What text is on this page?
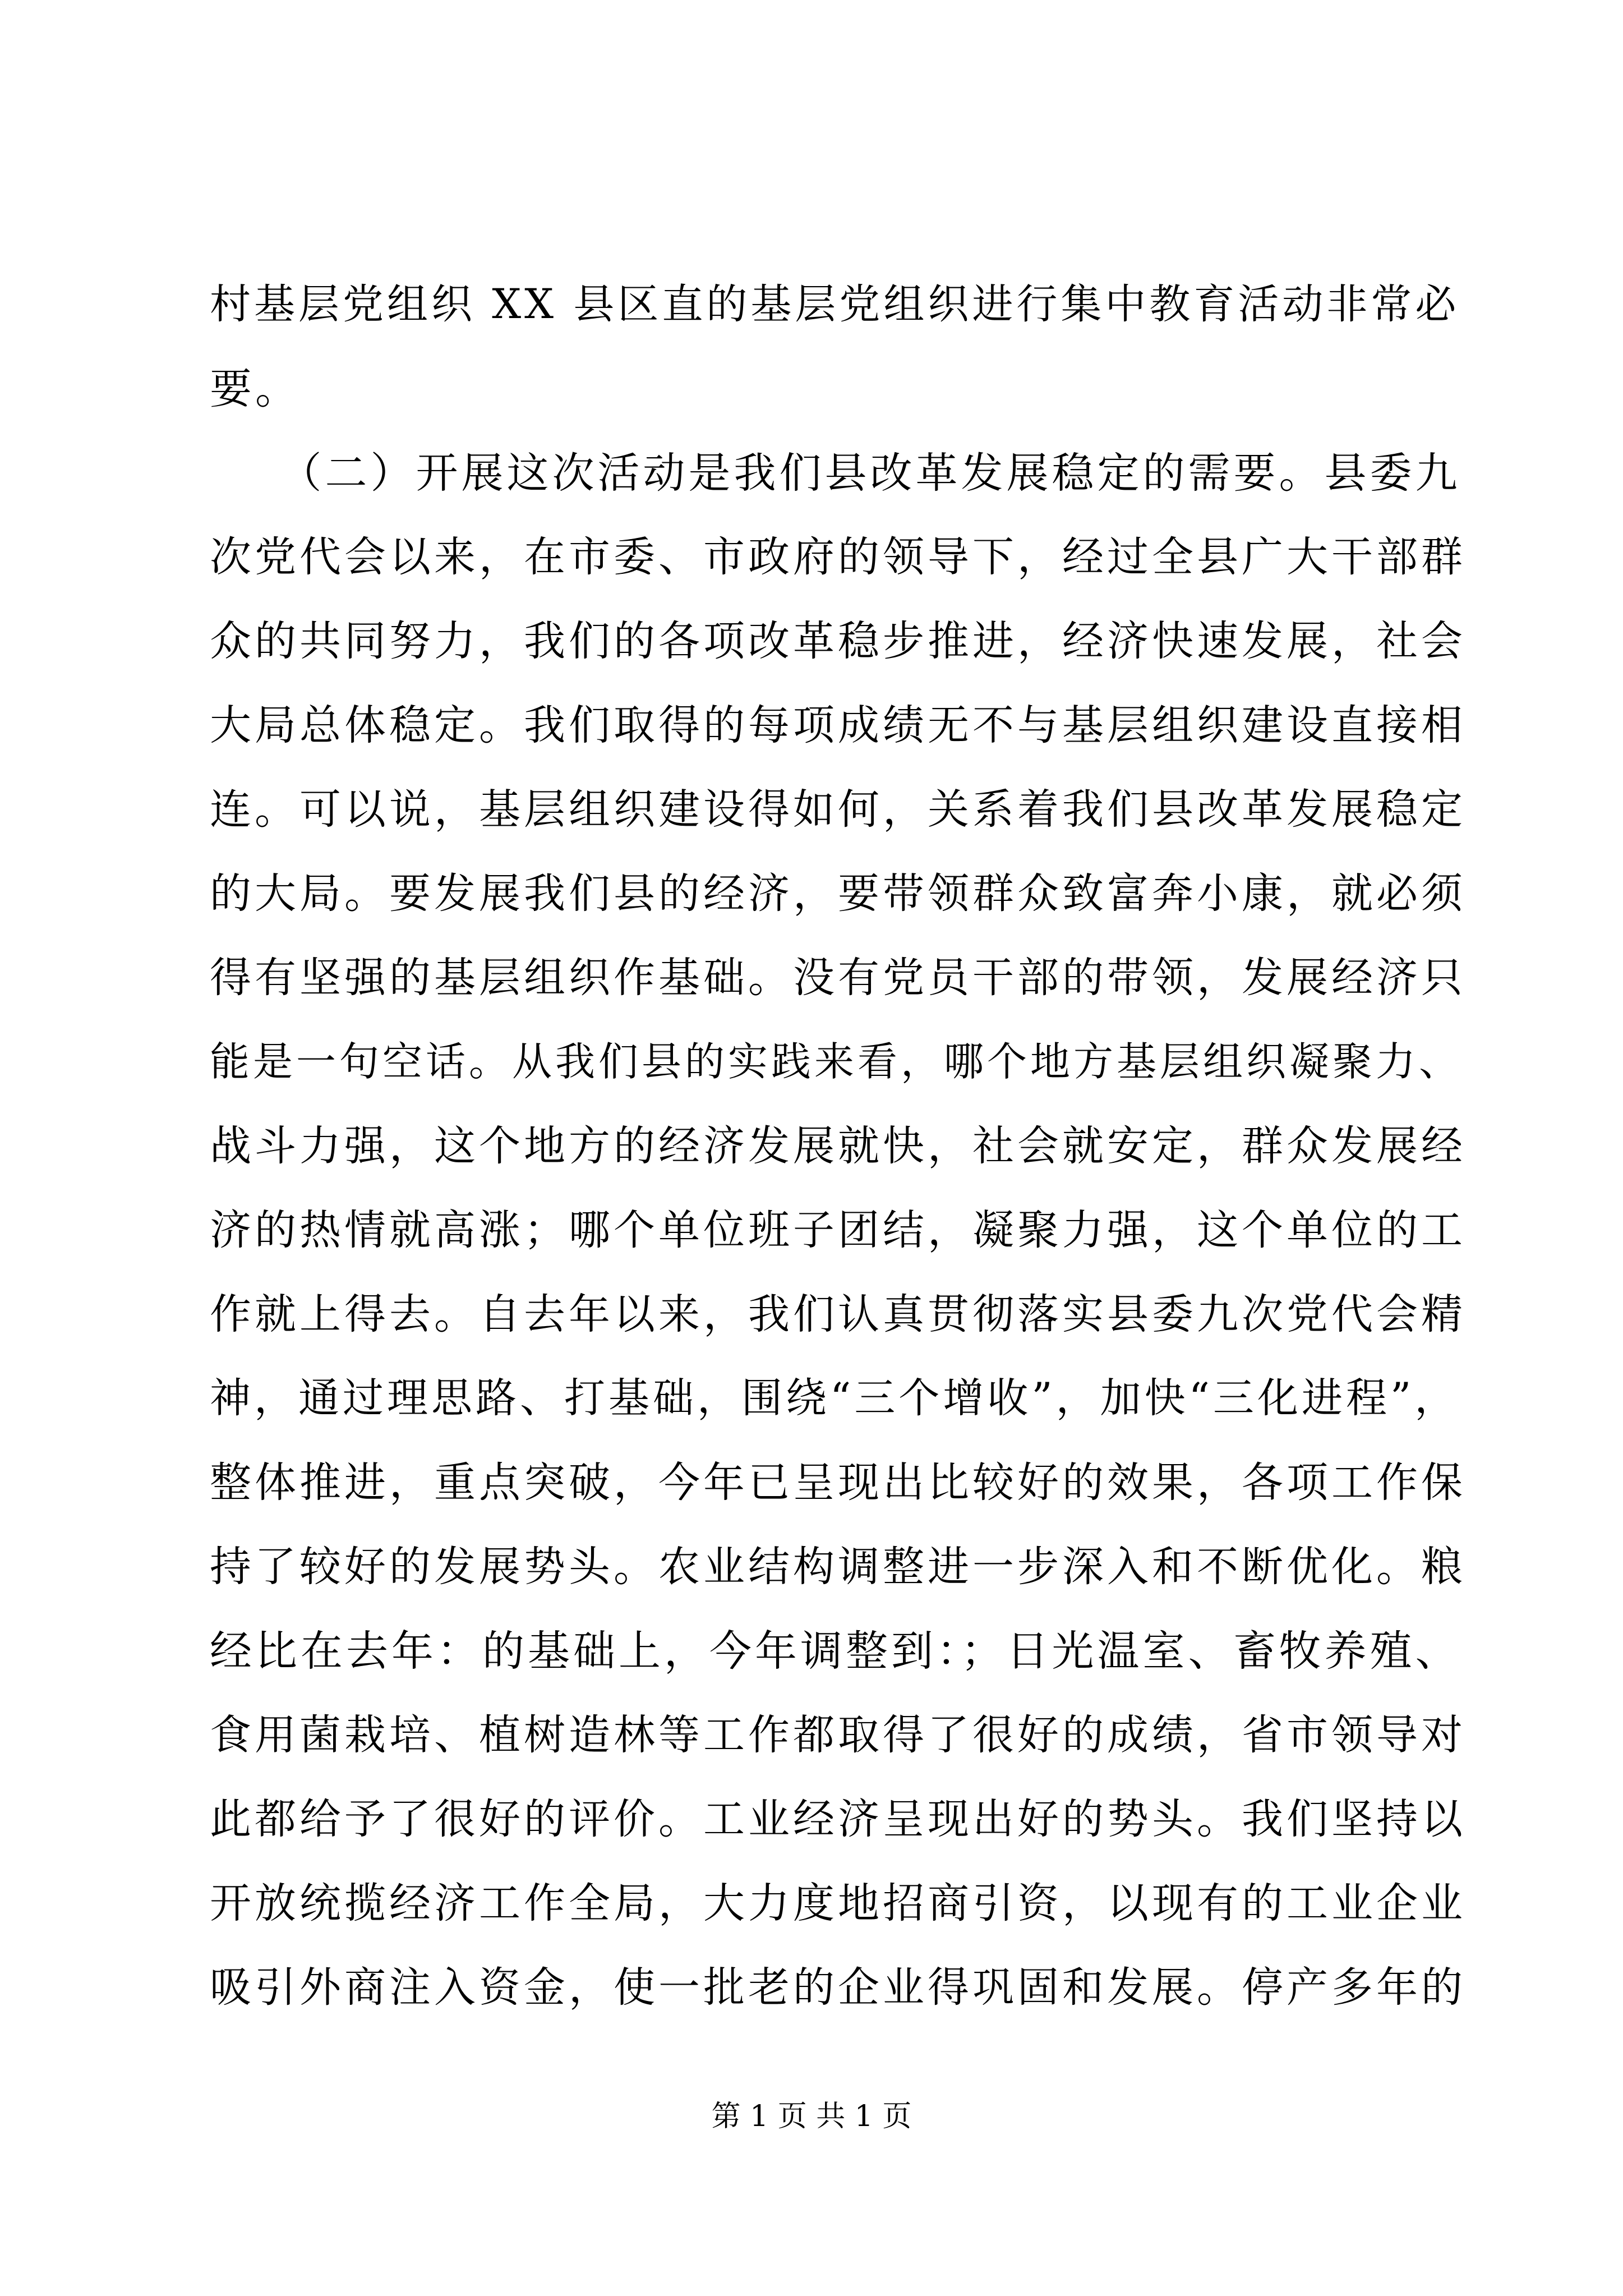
村基层党组织 XX 县区直的基层党组织进行集中教育活动非常必
要。
　　（二）开展这次活动是我们县改革发展稳定的需要。县委九
次党代会以来，在市委、市政府的领导下，经过全县广大干部群
众的共同努力，我们的各项改革稳步推进，经济快速发展，社会
大局总体稳定。我们取得的每项成绩无不与基层组织建设直接相
连。可以说，基层组织建设得如何，关系着我们县改革发展稳定
的大局。要发展我们县的经济，要带领群众致富奔小康，就必须
得有坚强的基层组织作基础。没有党员干部的带领，发展经济只
能是一句空话。从我们县的实践来看，哪个地方基层组织凝聚力、
战斗力强，这个地方的经济发展就快，社会就安定，群众发展经
济的热情就高涨；哪个单位班子团结，凝聚力强，这个单位的工
作就上得去。自去年以来，我们认真贯彻落实县委九次党代会精
神，通过理思路、打基础，围绕“三个增收”，加快“三化进程”，
整体推进，重点突破，今年已呈现出比较好的效果，各项工作保
持了较好的发展势头。农业结构调整进一步深入和不断优化。粮
经比在去年：的基础上，今年调整到：；日光温室、畜牧养殖、
食用菌栽培、植树造林等工作都取得了很好的成绩，省市领导对
此都给予了很好的评价。工业经济呈现出好的势头。我们坚持以
开放统揽经济工作全局，大力度地招商引资，以现有的工业企业
吸引外商注入资金，使一批老的企业得巩固和发展。停产多年的
第 1 页 共 1 页
